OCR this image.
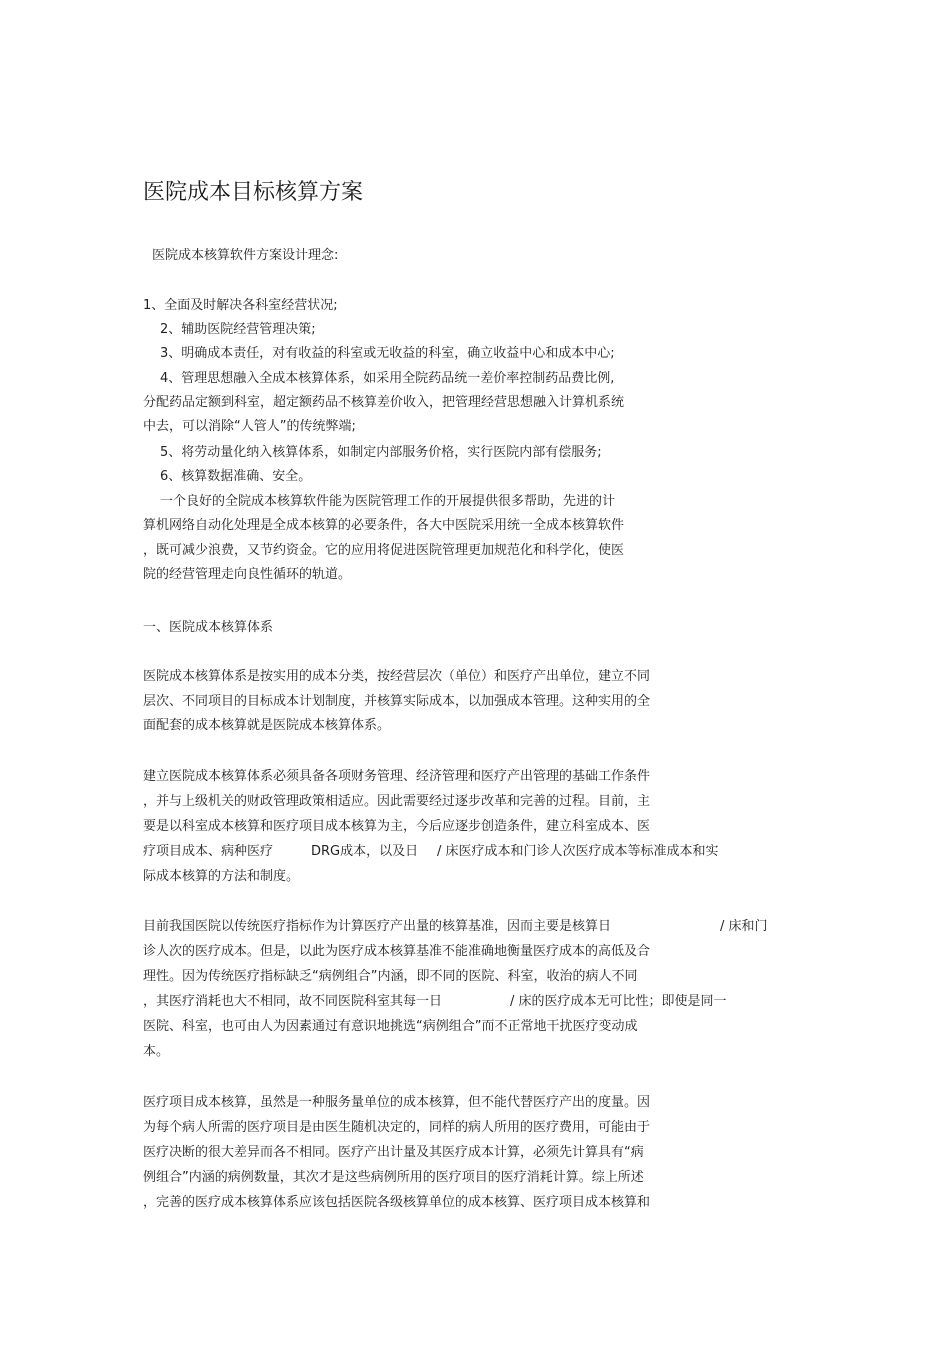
医院成本目标核算方案
医院成本核算软件方案设计理念:
1、全面及时解决各科室经营状况;
2、辅助医院经营管理决策;
3、明确成本责任，对有收益的科室或无收益的科室，确立收益中心和成本中心;
4、管理思想融入全成本核算体系，如采用全院药品统一差价率控制药品费比例,
分配药品定额到科室，超定额药品不核算差价收入，把管理经营思想融入计算机系统
中去，可以消除“人管人”的传统弊端;
5、将劳动量化纳入核算体系，如制定内部服务价格，实行医院内部有偿服务;
6、核算数据准确、安全。
一个良好的全院成本核算软件能为医院管理工作的开展提供很多帮助，先进的计
算机网络自动化处理是全成本核算的必要条件，各大中医院采用统一全成本核算软件
，既可减少浪费，又节约资金。它的应用将促进医院管理更加规范化和科学化，使医
院的经营管理走向良性循环的轨道。
一、医院成本核算体系
医院成本核算体系是按实用的成本分类，按经营层次（单位）和医疗产出单位，建立不同
层次、不同项目的目标成本计划制度，并核算实际成本，以加强成本管理。这种实用的全
面配套的成本核算就是医院成本核算体系。
建立医院成本核算体系必须具备各项财务管理、经济管理和医疗产出管理的基础工作条件
，并与上级机关的财政管理政策相适应。因此需要经过逐步改革和完善的过程。目前，主
要是以科室成本核算和医疗项目成本核算为主，今后应逐步创造条件，建立科室成本、医
疗项目成本、病种医疗	DRG成本，以及日 / 床医疗成本和门诊人次医疗成本等标准成本和实
际成本核算的方法和制度。
目前我国医院以传统医疗指标作为计算医疗产出量的核算基准，因而主要是核算日	/ 床和门
诊人次的医疗成本。但是，以此为医疗成本核算基准不能准确地衡量医疗成本的高低及合
理性。因为传统医疗指标缺乏“病例组合”内涵，即不同的医院、科室，收治的病人不同
，其医疗消耗也大不相同，故不同医院科室其每一日	/ 床的医疗成本无可比性；即使是同一
医院、科室，也可由人为因素通过有意识地挑选“病例组合”而不正常地干扰医疗变动成
本。
医疗项目成本核算，虽然是一种服务量单位的成本核算，但不能代替医疗产出的度量。因
为每个病人所需的医疗项目是由医生随机决定的，同样的病人所用的医疗费用，可能由于
医疗决断的很大差异而各不相同。医疗产出计量及其医疗成本计算，必须先计算具有“病
例组合”内涵的病例数量，其次才是这些病例所用的医疗项目的医疗消耗计算。综上所述
，完善的医疗成本核算体系应该包括医院各级核算单位的成本核算、医疗项目成本核算和
